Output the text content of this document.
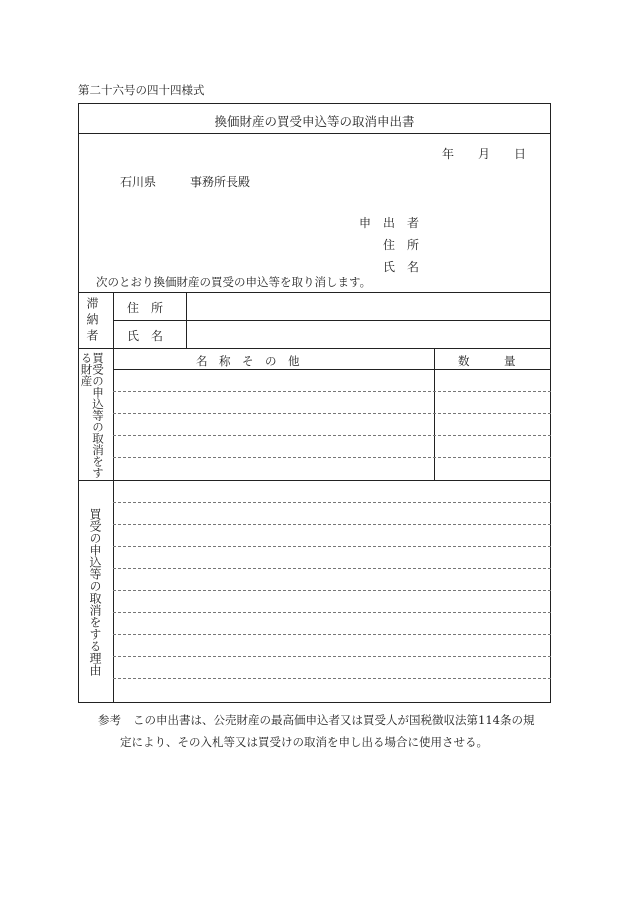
第二十六号の四十四様式
換価財産の買受申込等の取消申出書
年 月 日
石川県	事務所長殿
申　出　者
住　所
氏　名
次のとおり換価財産の買受の申込等を取り消します。
滞納者 住　所
氏　名
買受の申込等の取消をする財産	名　称　そ　の　他	数　　　量
買受の申込等の取消をする理由
参考 この申出書は、公売財産の最高価申込者又は買受人が国税徴収法第114条の規
定により、その入札等又は買受けの取消を申し出る場合に使用させる。
